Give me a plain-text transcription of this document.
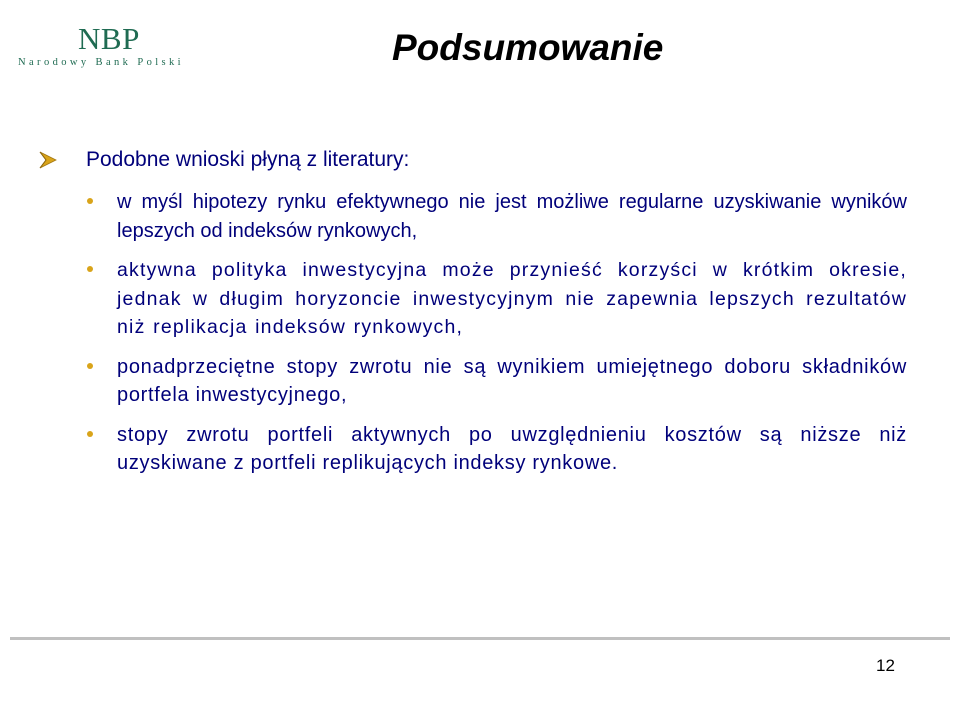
NBP
Narodowy Bank Polski	Podsumowanie
Podobne wnioski płyną z literatury:
w myśl hipotezy rynku efektywnego nie jest możliwe regularne uzyskiwanie wyników lepszych od indeksów rynkowych,
aktywna polityka inwestycyjna może przynieść korzyści w krótkim okresie, jednak w długim horyzoncie inwestycyjnym nie zapewnia lepszych rezultatów niż replikacja indeksów rynkowych,
ponadprzeciętne stopy zwrotu nie są wynikiem umiejętnego doboru składników portfela inwestycyjnego,
stopy zwrotu portfeli aktywnych po uwzględnieniu kosztów są niższe niż uzyskiwane z portfeli replikujących indeksy rynkowe.
12
